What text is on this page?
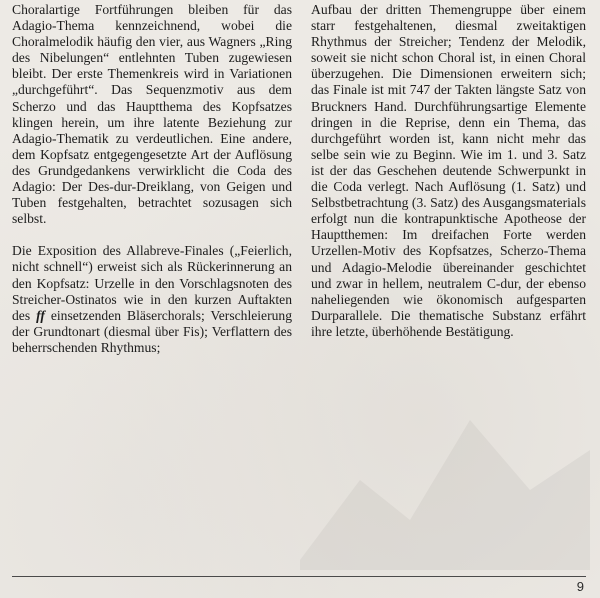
Choralartige Fortführungen bleiben für das Adagio-Thema kennzeichnend, wobei die Choralmelodik häufig den vier, aus Wagners „Ring des Nibelungen“ entlehnten Tuben zugewiesen bleibt. Der erste Themenkreis wird in Variationen „durchgeführt“. Das Sequenzmotiv aus dem Scherzo und das Hauptthema des Kopfsatzes klingen herein, um ihre latente Beziehung zur Adagio-Thematik zu verdeutlichen. Eine andere, dem Kopfsatz entgegengesetzte Art der Auflösung des Grundgedankens verwirklicht die Coda des Adagio: Der Des-dur-Dreiklang, von Geigen und Tuben festgehalten, betrachtet sozusagen sich selbst.

Die Exposition des Allabreve-Finales („Feierlich, nicht schnell“) erweist sich als Rückerinnerung an den Kopfsatz: Urzelle in den Vorschlagsnoten des Streicher-Ostinatos wie in den kurzen Auftakten des ff einsetzenden Bläserchorals; Verschleierung der Grundtonart (diesmal über Fis); Verflattern des beherrschenden Rhythmus;

Aufbau der dritten Themengruppe über einem starr festgehaltenen, diesmal zweitaktigen Rhythmus der Streicher; Tendenz der Melodik, soweit sie nicht schon Choral ist, in einen Choral überzugehen. Die Dimensionen erweitern sich; das Finale ist mit 747 der Takten längste Satz von Bruckners Hand. Durchführungsartige Elemente dringen in die Reprise, denn ein Thema, das durchgeführt worden ist, kann nicht mehr das selbe sein wie zu Beginn. Wie im 1. und 3. Satz ist der das Geschehen deutende Schwerpunkt in die Coda verlegt. Nach Auflösung (1. Satz) und Selbstbetrachtung (3. Satz) des Ausgangsmaterials erfolgt nun die kontrapunktische Apotheose der Hauptthemen: Im dreifachen Forte werden Urzellen-Motiv des Kopfsatzes, Scherzo-Thema und Adagio-Melodie übereinander geschichtet und zwar in hellem, neutralem C-dur, der ebenso naheliegenden wie ökonomisch aufgesparten Durparallele. Die thematische Substanz erfährt ihre letzte, überhöhende Bestätigung.

9
